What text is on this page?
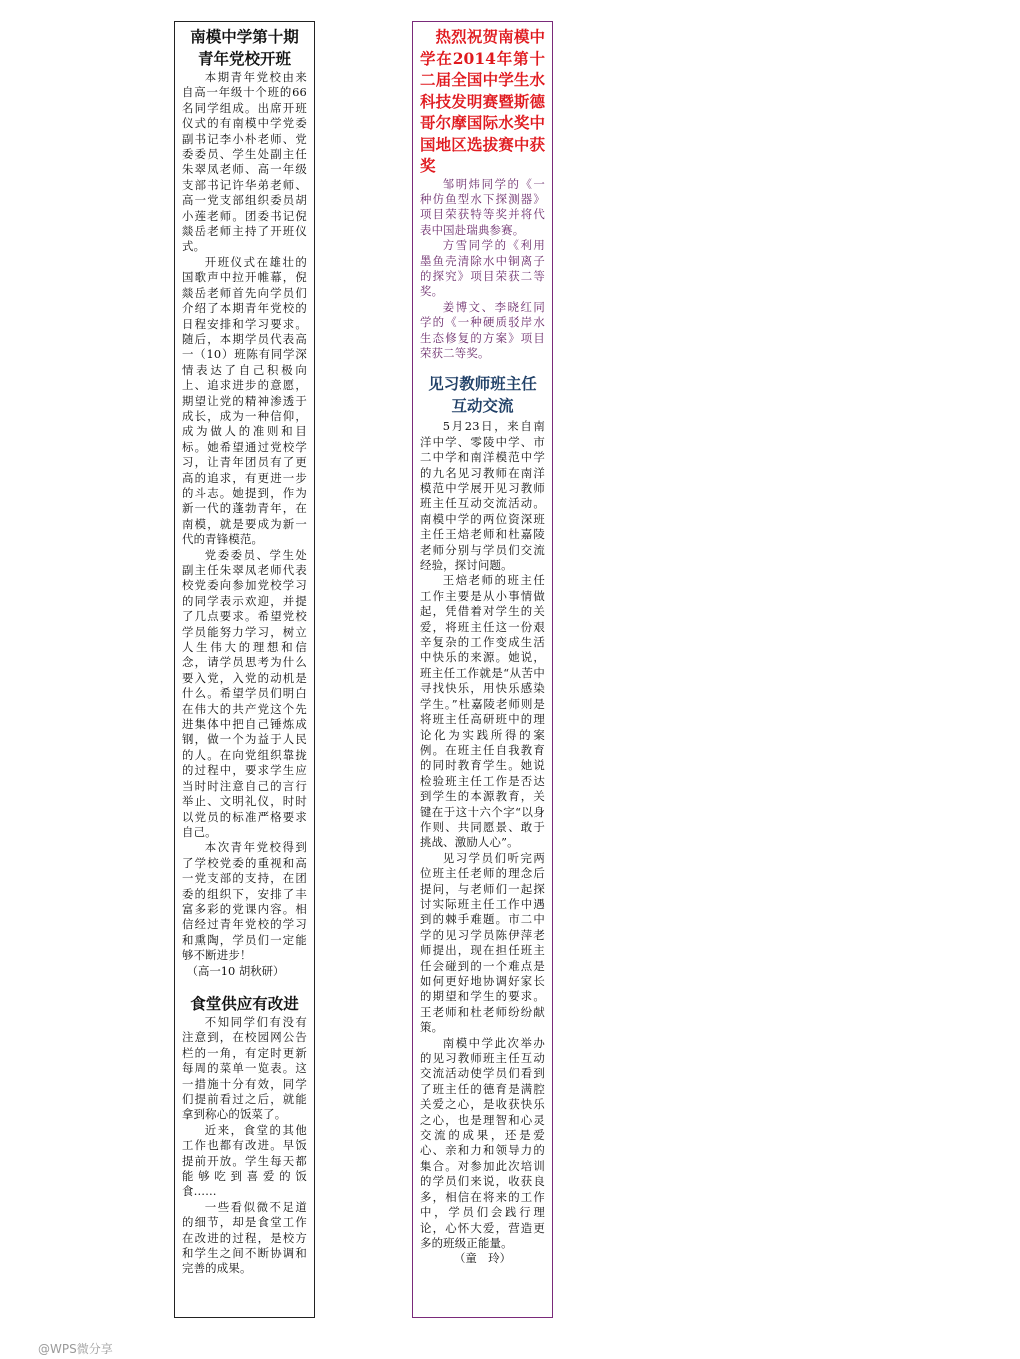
南模中学第十期
青年党校开班

本期青年党校由来自高一年级十个班的66名同学组成。出席开班仪式的有南模中学党委副书记李小朴老师、党委委员、学生处副主任朱翠凤老师、高一年级支部书记许华弟老师、高一党支部组织委员胡小莲老师。团委书记倪燚岳老师主持了开班仪式。

开班仪式在雄壮的国歌声中拉开帷幕，倪燚岳老师首先向学员们介绍了本期青年党校的日程安排和学习要求。随后，本期学员代表高一（10）班陈有同学深情表达了自己积极向上、追求进步的意愿，期望让党的精神渗透于成长，成为一种信仰，成为做人的准则和目标。她希望通过党校学习，让青年团员有了更高的追求，有更进一步的斗志。她提到，作为新一代的蓬勃青年，在南模，就是要成为新一代的青锋模范。

党委委员、学生处副主任朱翠凤老师代表校党委向参加党校学习的同学表示欢迎，并提了几点要求。希望党校学员能努力学习，树立人生伟大的理想和信念，请学员思考为什么要入党，入党的动机是什么。希望学员们明白在伟大的共产党这个先进集体中把自己锤炼成钢，做一个为益于人民的人。在向党组织靠拢的过程中，要求学生应当时时注意自己的言行举止、文明礼仪，时时以党员的标准严格要求自己。

本次青年党校得到了学校党委的重视和高一党支部的支持，在团委的组织下，安排了丰富多彩的党课内容。相信经过青年党校的学习和熏陶，学员们一定能够不断进步！

（高一10 胡秋研）

食堂供应有改进

不知同学们有没有注意到，在校园网公告栏的一角，有定时更新每周的菜单一览表。这一措施十分有效，同学们提前看过之后，就能拿到称心的饭菜了。

近来，食堂的其他工作也都有改进。早饭提前开放。学生每天都能够吃到喜爱的饭食……

一些看似微不足道的细节，却是食堂工作在改进的过程，是校方和学生之间不断协调和完善的成果。

热烈祝贺南模中学在2014年第十二届全国中学生水科技发明赛暨斯德哥尔摩国际水奖中国地区选拔赛中获奖

邹明炜同学的《一种仿鱼型水下探测器》项目荣获特等奖并将代表中国赴瑞典参赛。

方雪同学的《利用墨鱼壳清除水中铜离子的探究》项目荣获二等奖。

姜博文、李晓红同学的《一种硬质驳岸水生态修复的方案》项目荣获二等奖。

见习教师班主任
互动交流

5月23日，来自南洋中学、零陵中学、市二中学和南洋模范中学的九名见习教师在南洋模范中学展开见习教师班主任互动交流活动。南模中学的两位资深班主任王焙老师和杜嘉陵老师分别与学员们交流经验，探讨问题。

王焙老师的班主任工作主要是从小事情做起，凭借着对学生的关爱，将班主任这一份艰辛复杂的工作变成生活中快乐的来源。她说，班主任工作就是“从苦中寻找快乐，用快乐感染学生。”杜嘉陵老师则是将班主任高研班中的理论化为实践所得的案例。在班主任自我教育的同时教育学生。她说检验班主任工作是否达到学生的本源教育，关键在于这十六个字“以身作则、共同愿景、敢于挑战、激励人心”。

见习学员们听完两位班主任老师的理念后提问，与老师们一起探讨实际班主任工作中遇到的棘手难题。市二中学的见习学员陈伊萍老师提出，现在担任班主任会碰到的一个难点是如何更好地协调好家长的期望和学生的要求。王老师和杜老师纷纷献策。

南模中学此次举办的见习教师班主任互动交流活动使学员们看到了班主任的德育是满腔关爱之心，是收获快乐之心，也是理智和心灵交流的成果，还是爱心、亲和力和领导力的集合。对参加此次培训的学员们来说，收获良多，相信在将来的工作中，学员们会践行理论，心怀大爱，营造更多的班级正能量。

（童　玲）

@WPS微分享
